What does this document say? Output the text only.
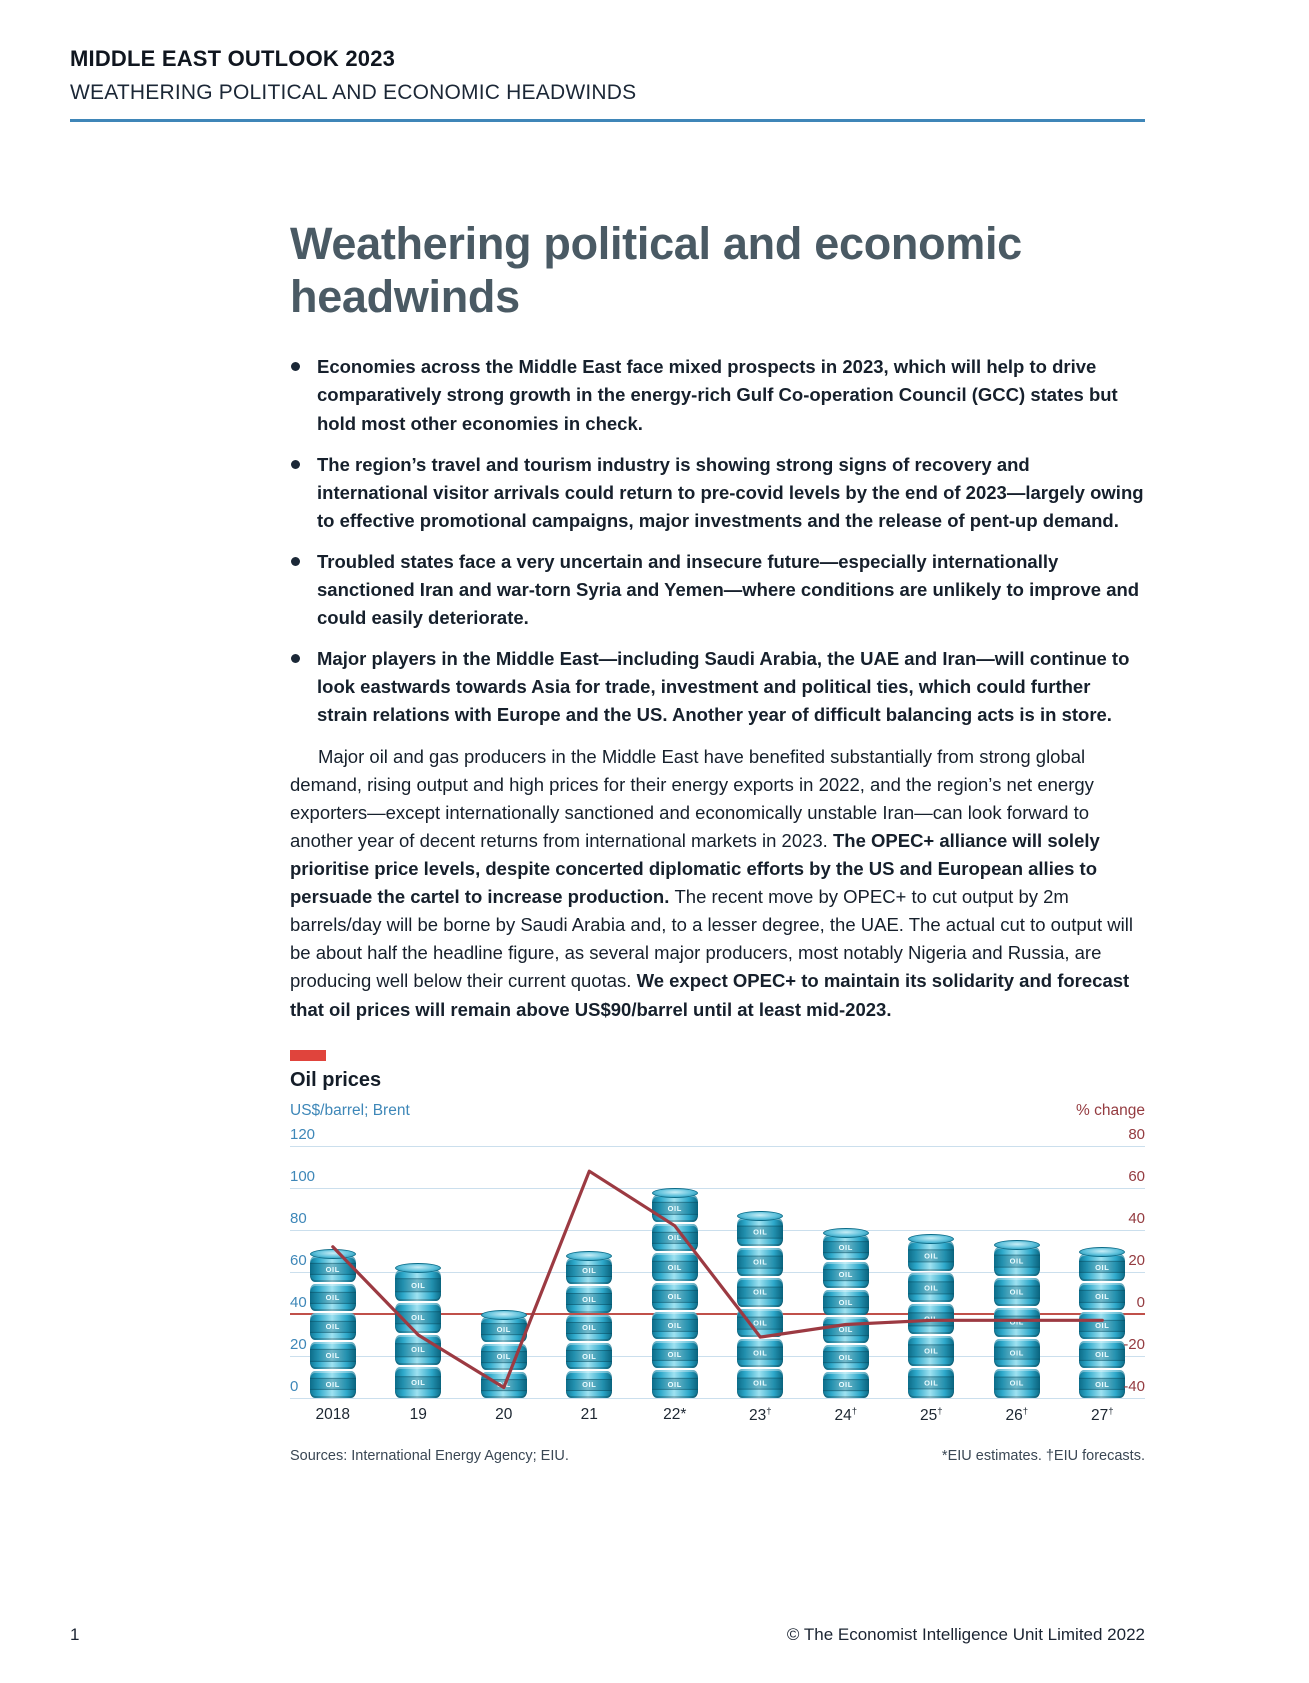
MIDDLE EAST OUTLOOK 2023
WEATHERING POLITICAL AND ECONOMIC HEADWINDS
Weathering political and economic headwinds
Economies across the Middle East face mixed prospects in 2023, which will help to drive comparatively strong growth in the energy-rich Gulf Co-operation Council (GCC) states but hold most other economies in check.
The region’s travel and tourism industry is showing strong signs of recovery and international visitor arrivals could return to pre-covid levels by the end of 2023—largely owing to effective promotional campaigns, major investments and the release of pent-up demand.
Troubled states face a very uncertain and insecure future—especially internationally sanctioned Iran and war-torn Syria and Yemen—where conditions are unlikely to improve and could easily deteriorate.
Major players in the Middle East—including Saudi Arabia, the UAE and Iran—will continue to look eastwards towards Asia for trade, investment and political ties, which could further strain relations with Europe and the US. Another year of difficult balancing acts is in store.

Major oil and gas producers in the Middle East have benefited substantially from strong global demand, rising output and high prices for their energy exports in 2022, and the region’s net energy exporters—except internationally sanctioned and economically unstable Iran—can look forward to another year of decent returns from international markets in 2023. The OPEC+ alliance will solely prioritise price levels, despite concerted diplomatic efforts by the US and European allies to persuade the cartel to increase production. The recent move by OPEC+ to cut output by 2m barrels/day will be borne by Saudi Arabia and, to a lesser degree, the UAE. The actual cut to output will be about half the headline figure, as several major producers, most notably Nigeria and Russia, are producing well below their current quotas. We expect OPEC+ to maintain its solidarity and forecast that oil prices will remain above US$90/barrel until at least mid-2023.

Oil prices
US$/barrel; Brent	% change
120	80
100	60
80	40
60	20
40	0
20	-20
0	-40
OIL
OIL
OIL
OIL
OIL
OIL
OIL
OIL
OIL
OIL
OIL
OIL
OIL
OIL
OIL
OIL
OIL
OIL
OIL
OIL
OIL
OIL
OIL
OIL
OIL
OIL
OIL
OIL
OIL
OIL
OIL
OIL
OIL
OIL
OIL
OIL
OIL
OIL
OIL
OIL
OIL
OIL
OIL
OIL
OIL
OIL
OIL
OIL
OIL
OIL
OIL
2018	19	20	21	22*	23†	24†	25†	26†	27†
Sources: International Energy Agency; EIU.	*EIU estimates. †EIU forecasts.
1	© The Economist Intelligence Unit Limited 2022
